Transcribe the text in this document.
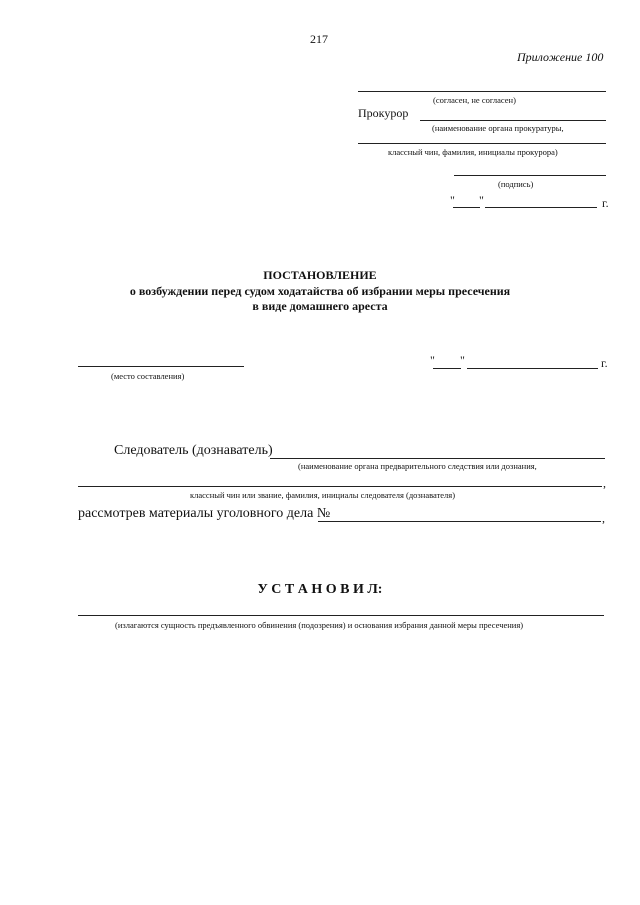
217
Приложение 100
(согласен, не согласен)
Прокурор
(наименование органа прокуратуры,
классный чин, фамилия, инициалы прокурора)
(подпись)
" "	г.
ПОСТАНОВЛЕНИЕ
о возбуждении перед судом ходатайства об избрании меры пресечения
в виде домашнего ареста
(место составления)
" "	г.
Следователь (дознаватель)
(наименование органа предварительного следствия или дознания,
,
классный чин или звание, фамилия, инициалы следователя (дознавателя)
рассмотрев материалы уголовного дела №	,
У С Т А Н О В И Л:
(излагаются сущность предъявленного обвинения (подозрения) и основания избрания данной меры пресечения)
